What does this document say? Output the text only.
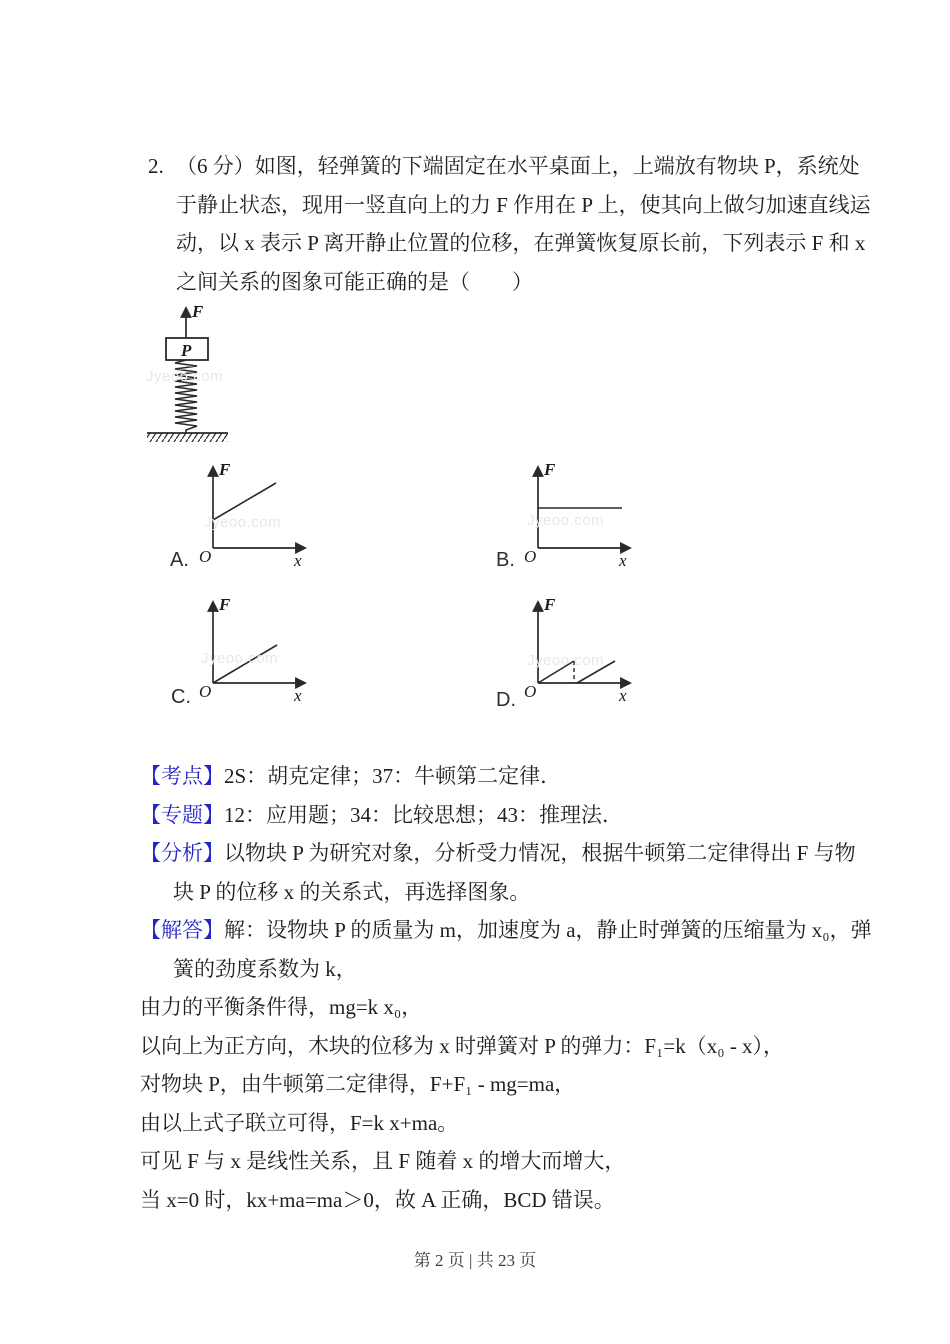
2. （6 分）如图，轻弹簧的下端固定在水平桌面上，上端放有物块 P，系统处
于静止状态，现用一竖直向上的力 F 作用在 P 上，使其向上做匀加速直线运
动，以 x 表示 P 离开静止位置的位移，在弹簧恢复原长前，下列表示 F 和 x
之间关系的图象可能正确的是（　　）
F
P
Jyeoo.com
F
x
O
Jyeoo.com
A.
F
x
O
Jyeoo.com
B.
F
x
O
Jyeoo.com
C.
F
x
O
Jyeoo.com
D.
【考点】2S：胡克定律；37：牛顿第二定律．
【专题】12：应用题；34：比较思想；43：推理法．
【分析】以物块 P 为研究对象，分析受力情况，根据牛顿第二定律得出 F 与物
块 P 的位移 x 的关系式，再选择图象。
【解答】解：设物块 P 的质量为 m，加速度为 a，静止时弹簧的压缩量为 x₀，弹
簧的劲度系数为 k，
由力的平衡条件得，mg=k x₀，
以向上为正方向，木块的位移为 x 时弹簧对 P 的弹力：F₁=k（x₀ - x），
对物块 P，由牛顿第二定律得，F+F₁ - mg=ma，
由以上式子联立可得，F=k x+ma。
可见 F 与 x 是线性关系，且 F 随着 x 的增大而增大，
当 x=0 时，kx+ma=ma＞0，故 A 正确，BCD 错误。
第 2 页 | 共 23 页
